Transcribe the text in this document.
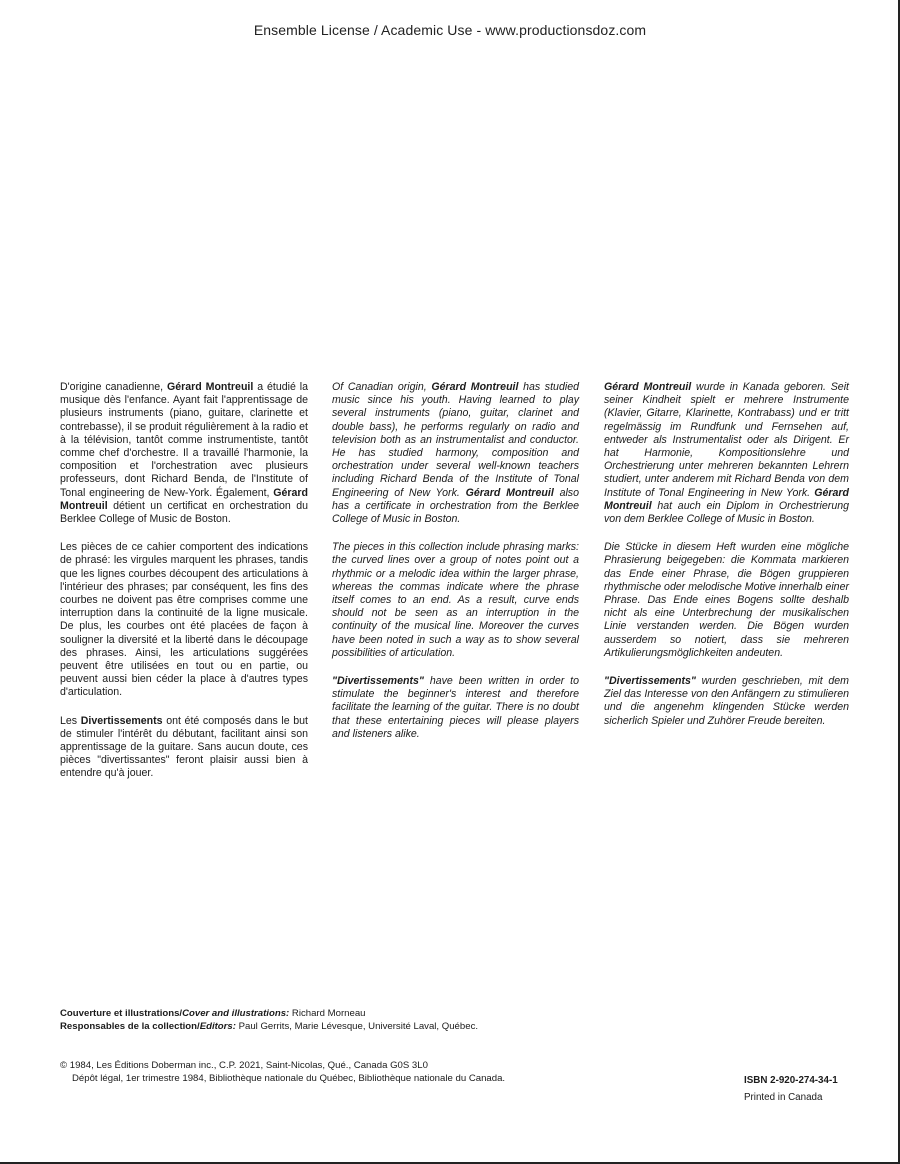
Ensemble License / Academic Use - www.productionsdoz.com

D'origine canadienne, Gérard Montreuil a étudié la musique dès l'enfance. Ayant fait l'apprentissage de plusieurs instruments (piano, guitare, clarinette et contrebasse), il se produit régulièrement à la radio et à la télévision, tantôt comme instrumentiste, tantôt comme chef d'orchestre. Il a travaillé l'harmonie, la composition et l'orchestration avec plusieurs professeurs, dont Richard Benda, de l'Institute of Tonal engineering de New-York. Également, Gérard Montreuil détient un certificat en orchestration du Berklee College of Music de Boston.

Les pièces de ce cahier comportent des indications de phrasé: les virgules marquent les phrases, tandis que les lignes courbes découpent des articulations à l'intérieur des phrases; par conséquent, les fins des courbes ne doivent pas être comprises comme une interruption dans la continuité de la ligne musicale. De plus, les courbes ont été placées de façon à souligner la diversité et la liberté dans le découpage des phrases. Ainsi, les articulations suggérées peuvent être utilisées en tout ou en partie, ou peuvent aussi bien céder la place à d'autres types d'articulation.

Les Divertissements ont été composés dans le but de stimuler l'intérêt du débutant, facilitant ainsi son apprentissage de la guitare. Sans aucun doute, ces pièces "divertissantes" feront plaisir aussi bien à entendre qu'à jouer.

Of Canadian origin, Gérard Montreuil has studied music since his youth. Having learned to play several instruments (piano, guitar, clarinet and double bass), he performs regularly on radio and television both as an instrumentalist and conductor. He has studied harmony, composition and orchestration under several well-known teachers including Richard Benda of the Institute of Tonal Engineering of New York. Gérard Montreuil also has a certificate in orchestration from the Berklee College of Music in Boston.

The pieces in this collection include phrasing marks: the curved lines over a group of notes point out a rhythmic or a melodic idea within the larger phrase, whereas the commas indicate where the phrase itself comes to an end. As a result, curve ends should not be seen as an interruption in the continuity of the musical line. Moreover the curves have been noted in such a way as to show several possibilities of articulation.

"Divertissements" have been written in order to stimulate the beginner's interest and therefore facilitate the learning of the guitar. There is no doubt that these entertaining pieces will please players and listeners alike.

Gérard Montreuil wurde in Kanada geboren. Seit seiner Kindheit spielt er mehrere Instrumente (Klavier, Gitarre, Klarinette, Kontrabass) und er tritt regelmässig im Rundfunk und Fernsehen auf, entweder als Instrumentalist oder als Dirigent. Er hat Harmonie, Kompositionslehre und Orchestrierung unter mehreren bekannten Lehrern studiert, unter anderem mit Richard Benda von dem Institute of Tonal Engineering in New York. Gérard Montreuil hat auch ein Diplom in Orchestrierung von dem Berklee College of Music in Boston.

Die Stücke in diesem Heft wurden eine mögliche Phrasierung beigegeben: die Kommata markieren das Ende einer Phrase, die Bögen gruppieren rhythmische oder melodische Motive innerhalb einer Phrase. Das Ende eines Bogens sollte deshalb nicht als eine Unterbrechung der musikalischen Linie verstanden werden. Die Bögen wurden ausserdem so notiert, dass sie mehreren Artikulierungsmöglichkeiten andeuten.

"Divertissements" wurden geschrieben, mit dem Ziel das Interesse von den Anfängern zu stimulieren und die angenehm klingenden Stücke werden sicherlich Spieler und Zuhörer Freude bereiten.

Couverture et illustrations/Cover and illustrations: Richard Morneau
Responsables de la collection/Editors: Paul Gerrits, Marie Lévesque, Université Laval, Québec.
© 1984, Les Éditions Doberman inc., C.P. 2021, Saint-Nicolas, Qué., Canada G0S 3L0
Dépôt légal, 1er trimestre 1984, Bibliothèque nationale du Québec, Bibliothèque nationale du Canada.	ISBN 2-920-274-34-1
Printed in Canada
